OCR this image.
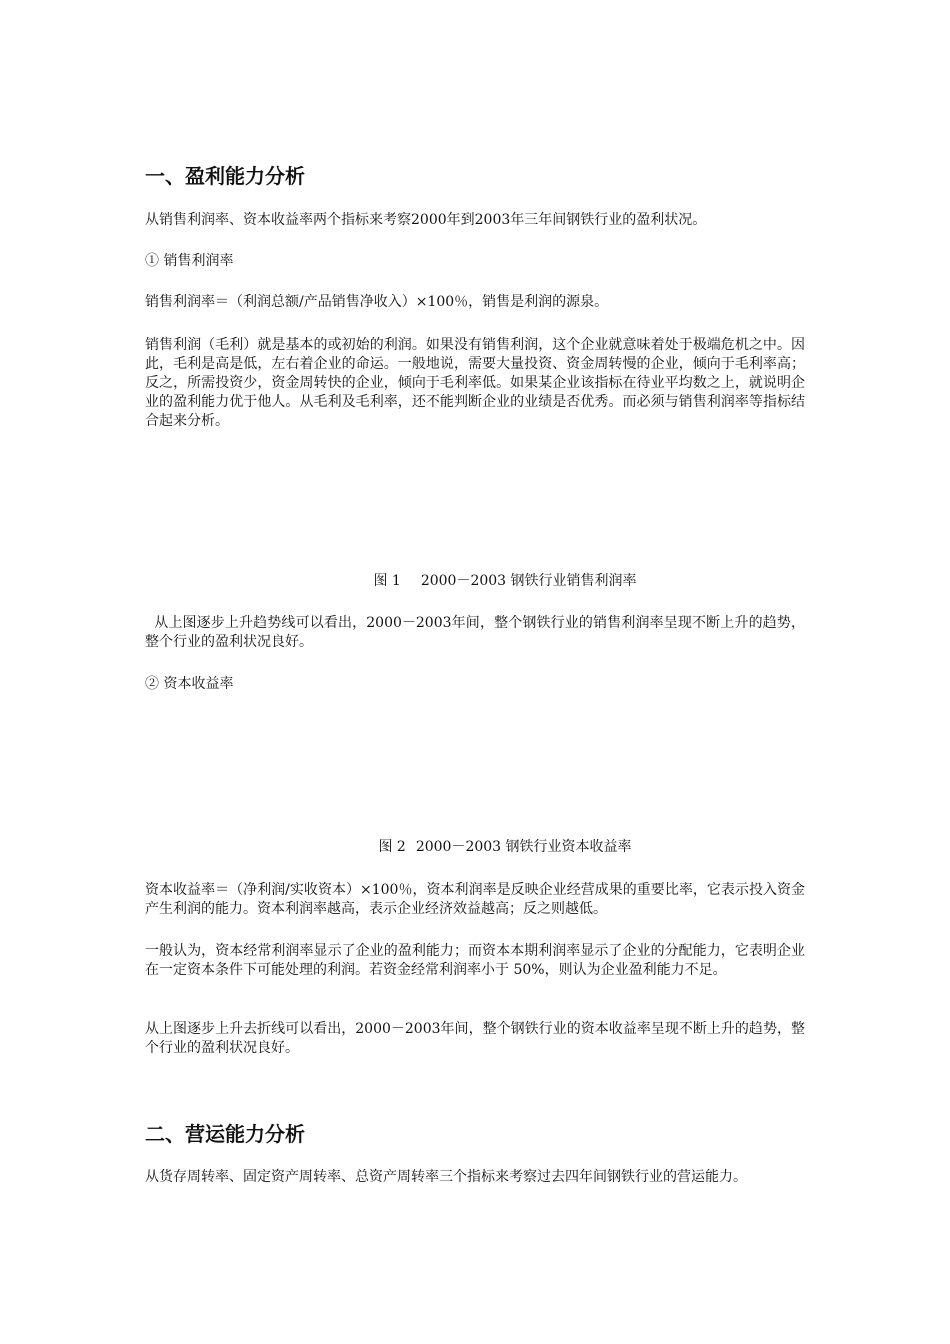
一、盈利能力分析

从销售利润率、资本收益率两个指标来考察2000年到2003年三年间钢铁行业的盈利状况。

① 销售利润率

销售利润率＝（利润总额/产品销售净收入）×100％，销售是利润的源泉。

销售利润（毛利）就是基本的或初始的利润。如果没有销售利润，这个企业就意味着处于极端危机之中。因此，毛利是高是低，左右着企业的命运。一般地说，需要大量投资、资金周转慢的企业，倾向于毛利率高；反之，所需投资少，资金周转快的企业，倾向于毛利率低。如果某企业该指标在待业平均数之上，就说明企业的盈利能力优于他人。从毛利及毛利率，还不能判断企业的业绩是否优秀。而必须与销售利润率等指标结合起来分析。

图 1 2000－2003 钢铁行业销售利润率

从上图逐步上升趋势线可以看出，2000－2003年间，整个钢铁行业的销售利润率呈现不断上升的趋势，整个行业的盈利状况良好。

② 资本收益率

图 2 2000－2003 钢铁行业资本收益率

资本收益率＝（净利润/实收资本）×100％，资本利润率是反映企业经营成果的重要比率，它表示投入资金产生利润的能力。资本利润率越高，表示企业经济效益越高；反之则越低。

一般认为，资本经常利润率显示了企业的盈利能力；而资本本期利润率显示了企业的分配能力，它表明企业在一定资本条件下可能处理的利润。若资金经常利润率小于 50%，则认为企业盈利能力不足。

从上图逐步上升去折线可以看出，2000－2003年间，整个钢铁行业的资本收益率呈现不断上升的趋势，整个行业的盈利状况良好。

二、营运能力分析

从货存周转率、固定资产周转率、总资产周转率三个指标来考察过去四年间钢铁行业的营运能力。
